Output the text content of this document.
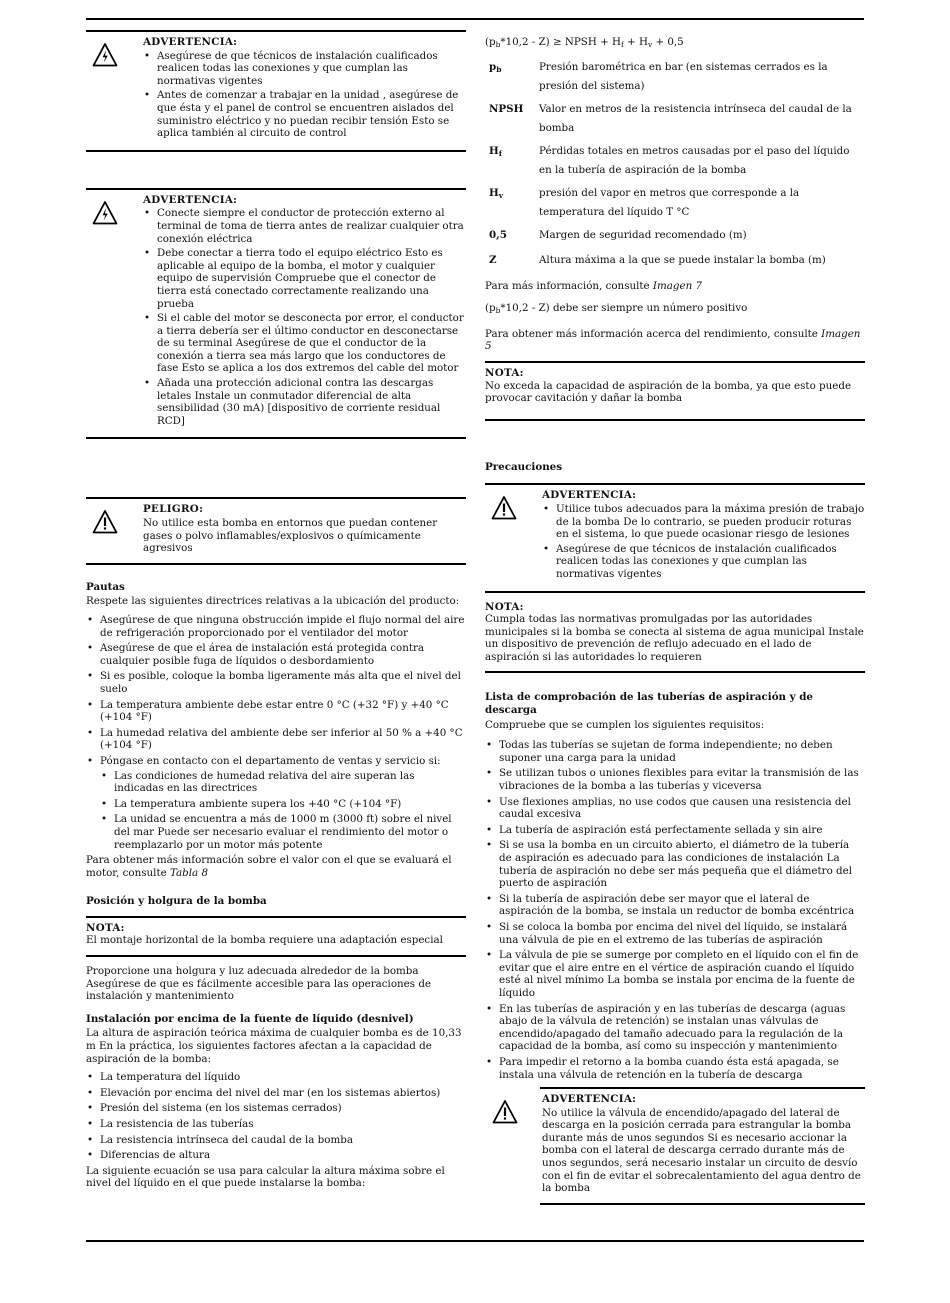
ADVERTENCIA:
• Asegúrese de que técnicos de instalación cualificados realicen todas las conexiones y que cumplan las normativas vigentes
• Antes de comenzar a trabajar en la unidad , asegúrese de que ésta y el panel de control se encuentren aislados del suministro eléctrico y no puedan recibir tensión Esto se aplica también al circuito de control
ADVERTENCIA:
• Conecte siempre el conductor de protección externo al terminal de toma de tierra antes de realizar cualquier otra conexión eléctrica
• Debe conectar a tierra todo el equipo eléctrico Esto es aplicable al equipo de la bomba, el motor y cualquier equipo de supervisión Compruebe que el conector de tierra está conectado correctamente realizando una prueba
• Si el cable del motor se desconecta por error, el conductor a tierra debería ser el último conductor en desconectarse de su terminal Asegúrese de que el conductor de la conexión a tierra sea más largo que los conductores de fase Esto se aplica a los dos extremos del cable del motor
• Añada una protección adicional contra las descargas letales Instale un conmutador diferencial de alta sensibilidad (30 mA) [dispositivo de corriente residual RCD]
PELIGRO:

No utilice esta bomba en entornos que puedan contener gases o polvo inflamables/explosivos o químicamente agresivos

Pautas

Respete las siguientes directrices relativas a la ubicación del producto:

• Asegúrese de que ninguna obstrucción impide el flujo normal del aire de refrigeración proporcionado por el ventilador del motor
• Asegúrese de que el área de instalación está protegida contra cualquier posible fuga de líquidos o desbordamiento
• Si es posible, coloque la bomba ligeramente más alta que el nivel del suelo
• La temperatura ambiente debe estar entre 0 °C (+32 °F) y +40 °C (+104 °F)
• La humedad relativa del ambiente debe ser inferior al 50 % a +40 °C (+104 °F)
• Póngase en contacto con el departamento de ventas y servicio si:
• Las condiciones de humedad relativa del aire superan las indicadas en las directrices
• La temperatura ambiente supera los +40 °C (+104 °F)
• La unidad se encuentra a más de 1000 m (3000 ft) sobre el nivel del mar Puede ser necesario evaluar el rendimiento del motor o reemplazarlo por un motor más potente

Para obtener más información sobre el valor con el que se evaluará el motor, consulte Tabla 8

Posición y holgura de la bomba
NOTA:

El montaje horizontal de la bomba requiere una adaptación especial

Proporcione una holgura y luz adecuada alrededor de la bomba Asegúrese de que es fácilmente accesible para las operaciones de instalación y mantenimiento

Instalación por encima de la fuente de líquido (desnivel)

La altura de aspiración teórica máxima de cualquier bomba es de 10,33 m En la práctica, los siguientes factores afectan a la capacidad de aspiración de la bomba:

• La temperatura del líquido
• Elevación por encima del nivel del mar (en los sistemas abiertos)
• Presión del sistema (en los sistemas cerrados)
• La resistencia de las tuberías
• La resistencia intrínseca del caudal de la bomba
• Diferencias de altura

La siguiente ecuación se usa para calcular la altura máxima sobre el nivel del líquido en el que puede instalarse la bomba:

(pb*10,2 - Z) ≥ NPSH + Hf + Hv + 0,5

pb	Presión barométrica en bar (en sistemas cerrados es la presión del sistema)
NPSH	Valor en metros de la resistencia intrínseca del caudal de la bomba
Hf	Pérdidas totales en metros causadas por el paso del líquido en la tubería de aspiración de la bomba
Hv	presión del vapor en metros que corresponde a la temperatura del líquido T °C
0,5	Margen de seguridad recomendado (m)
Z	Altura máxima a la que se puede instalar la bomba (m)

Para más información, consulte Imagen 7

(pb*10,2 - Z) debe ser siempre un número positivo

Para obtener más información acerca del rendimiento, consulte Imagen 5

NOTA:

No exceda la capacidad de aspiración de la bomba, ya que esto puede provocar cavitación y dañar la bomba

Precauciones
ADVERTENCIA:
• Utilice tubos adecuados para la máxima presión de trabajo de la bomba De lo contrario, se pueden producir roturas en el sistema, lo que puede ocasionar riesgo de lesiones
• Asegúrese de que técnicos de instalación cualificados realicen todas las conexiones y que cumplan las normativas vigentes
NOTA:

Cumpla todas las normativas promulgadas por las autoridades municipales si la bomba se conecta al sistema de agua municipal Instale un dispositivo de prevención de reflujo adecuado en el lado de aspiración si las autoridades lo requieren

Lista de comprobación de las tuberías de aspiración y de descarga

Compruebe que se cumplen los siguientes requisitos:

• Todas las tuberías se sujetan de forma independiente; no deben suponer una carga para la unidad
• Se utilizan tubos o uniones flexibles para evitar la transmisión de las vibraciones de la bomba a las tuberías y viceversa
• Use flexiones amplias, no use codos que causen una resistencia del caudal excesiva
• La tubería de aspiración está perfectamente sellada y sin aire
• Si se usa la bomba en un circuito abierto, el diámetro de la tubería de aspiración es adecuado para las condiciones de instalación La tubería de aspiración no debe ser más pequeña que el diámetro del puerto de aspiración
• Si la tubería de aspiración debe ser mayor que el lateral de aspiración de la bomba, se instala un reductor de bomba excéntrica
• Si se coloca la bomba por encima del nivel del líquido, se instalará una válvula de pie en el extremo de las tuberías de aspiración
• La válvula de pie se sumerge por completo en el líquido con el fin de evitar que el aire entre en el vértice de aspiración cuando el líquido esté al nivel mínimo La bomba se instala por encima de la fuente de líquido
• En las tuberías de aspiración y en las tuberías de descarga (aguas abajo de la válvula de retención) se instalan unas válvulas de encendido/apagado del tamaño adecuado para la regulación de la capacidad de la bomba, así como su inspección y mantenimiento
• Para impedir el retorno a la bomba cuando ésta está apagada, se instala una válvula de retención en la tubería de descarga
ADVERTENCIA:

No utilice la válvula de encendido/apagado del lateral de descarga en la posición cerrada para estrangular la bomba durante más de unos segundos Si es necesario accionar la bomba con el lateral de descarga cerrado durante más de unos segundos, será necesario instalar un circuito de desvío con el fin de evitar el sobrecalentamiento del agua dentro de la bomba
